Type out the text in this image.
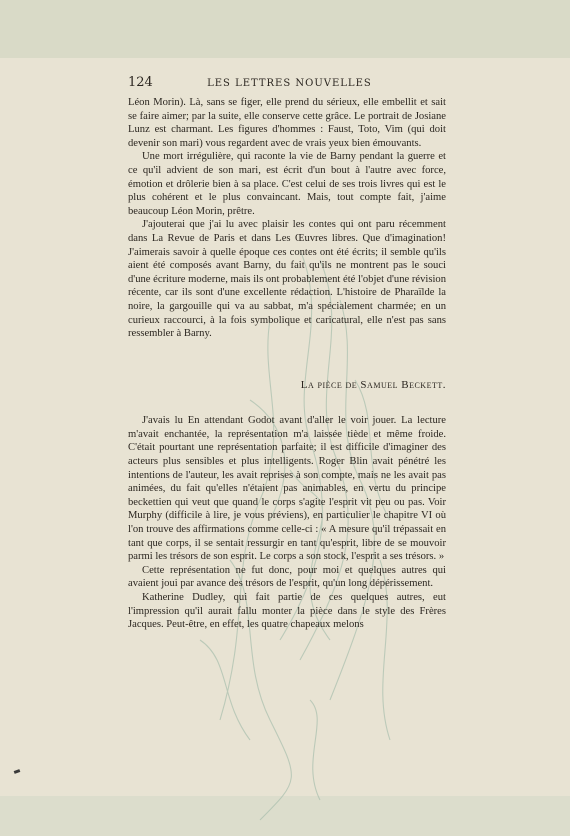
124	LES LETTRES NOUVELLES

Léon Morin). Là, sans se figer, elle prend du sérieux, elle embellit et sait se faire aimer; par la suite, elle conserve cette grâce. Le portrait de Josiane Lunz est charmant. Les figures d'hommes : Faust, Toto, Vim (qui doit devenir son mari) vous regardent avec de vrais yeux bien émouvants.

Une mort irrégulière, qui raconte la vie de Barny pendant la guerre et ce qu'il advient de son mari, est écrit d'un bout à l'autre avec force, émotion et drôlerie bien à sa place. C'est celui de ses trois livres qui est le plus cohérent et le plus convaincant. Mais, tout compte fait, j'aime beaucoup Léon Morin, prêtre.

J'ajouterai que j'ai lu avec plaisir les contes qui ont paru récemment dans La Revue de Paris et dans Les Œuvres libres. Que d'imagination! J'aimerais savoir à quelle époque ces contes ont été écrits; il semble qu'ils aient été composés avant Barny, du fait qu'ils ne montrent pas le souci d'une écriture moderne, mais ils ont probablement été l'objet d'une révision récente, car ils sont d'une excellente rédaction. L'histoire de Pharaïlde la noire, la gargouille qui va au sabbat, m'a spécialement charmée; en un curieux raccourci, à la fois symbolique et caricatural, elle n'est pas sans ressembler à Barny.

La pièce de Samuel Beckett.

J'avais lu En attendant Godot avant d'aller le voir jouer. La lecture m'avait enchantée, la représentation m'a laissée tiède et même froide. C'était pourtant une représentation parfaite; il est difficile d'imaginer des acteurs plus sensibles et plus intelligents. Roger Blin avait pénétré les intentions de l'auteur, les avait reprises à son compte, mais ne les avait pas animées, du fait qu'elles n'étaient pas animables, en vertu du principe beckettien qui veut que quand le corps s'agite l'esprit vit peu ou pas. Voir Murphy (difficile à lire, je vous préviens), en particulier le chapitre VI où l'on trouve des affirmations comme celle-ci : « A mesure qu'il trépassait en tant que corps, il se sentait ressurgir en tant qu'esprit, libre de se mouvoir parmi les trésors de son esprit. Le corps a son stock, l'esprit a ses trésors. »

Cette représentation ne fut donc, pour moi et quelques autres qui avaient joui par avance des trésors de l'esprit, qu'un long dépérissement.

Katherine Dudley, qui fait partie de ces quelques autres, eut l'impression qu'il aurait fallu monter la pièce dans le style des Frères Jacques. Peut-être, en effet, les quatre chapeaux melons
